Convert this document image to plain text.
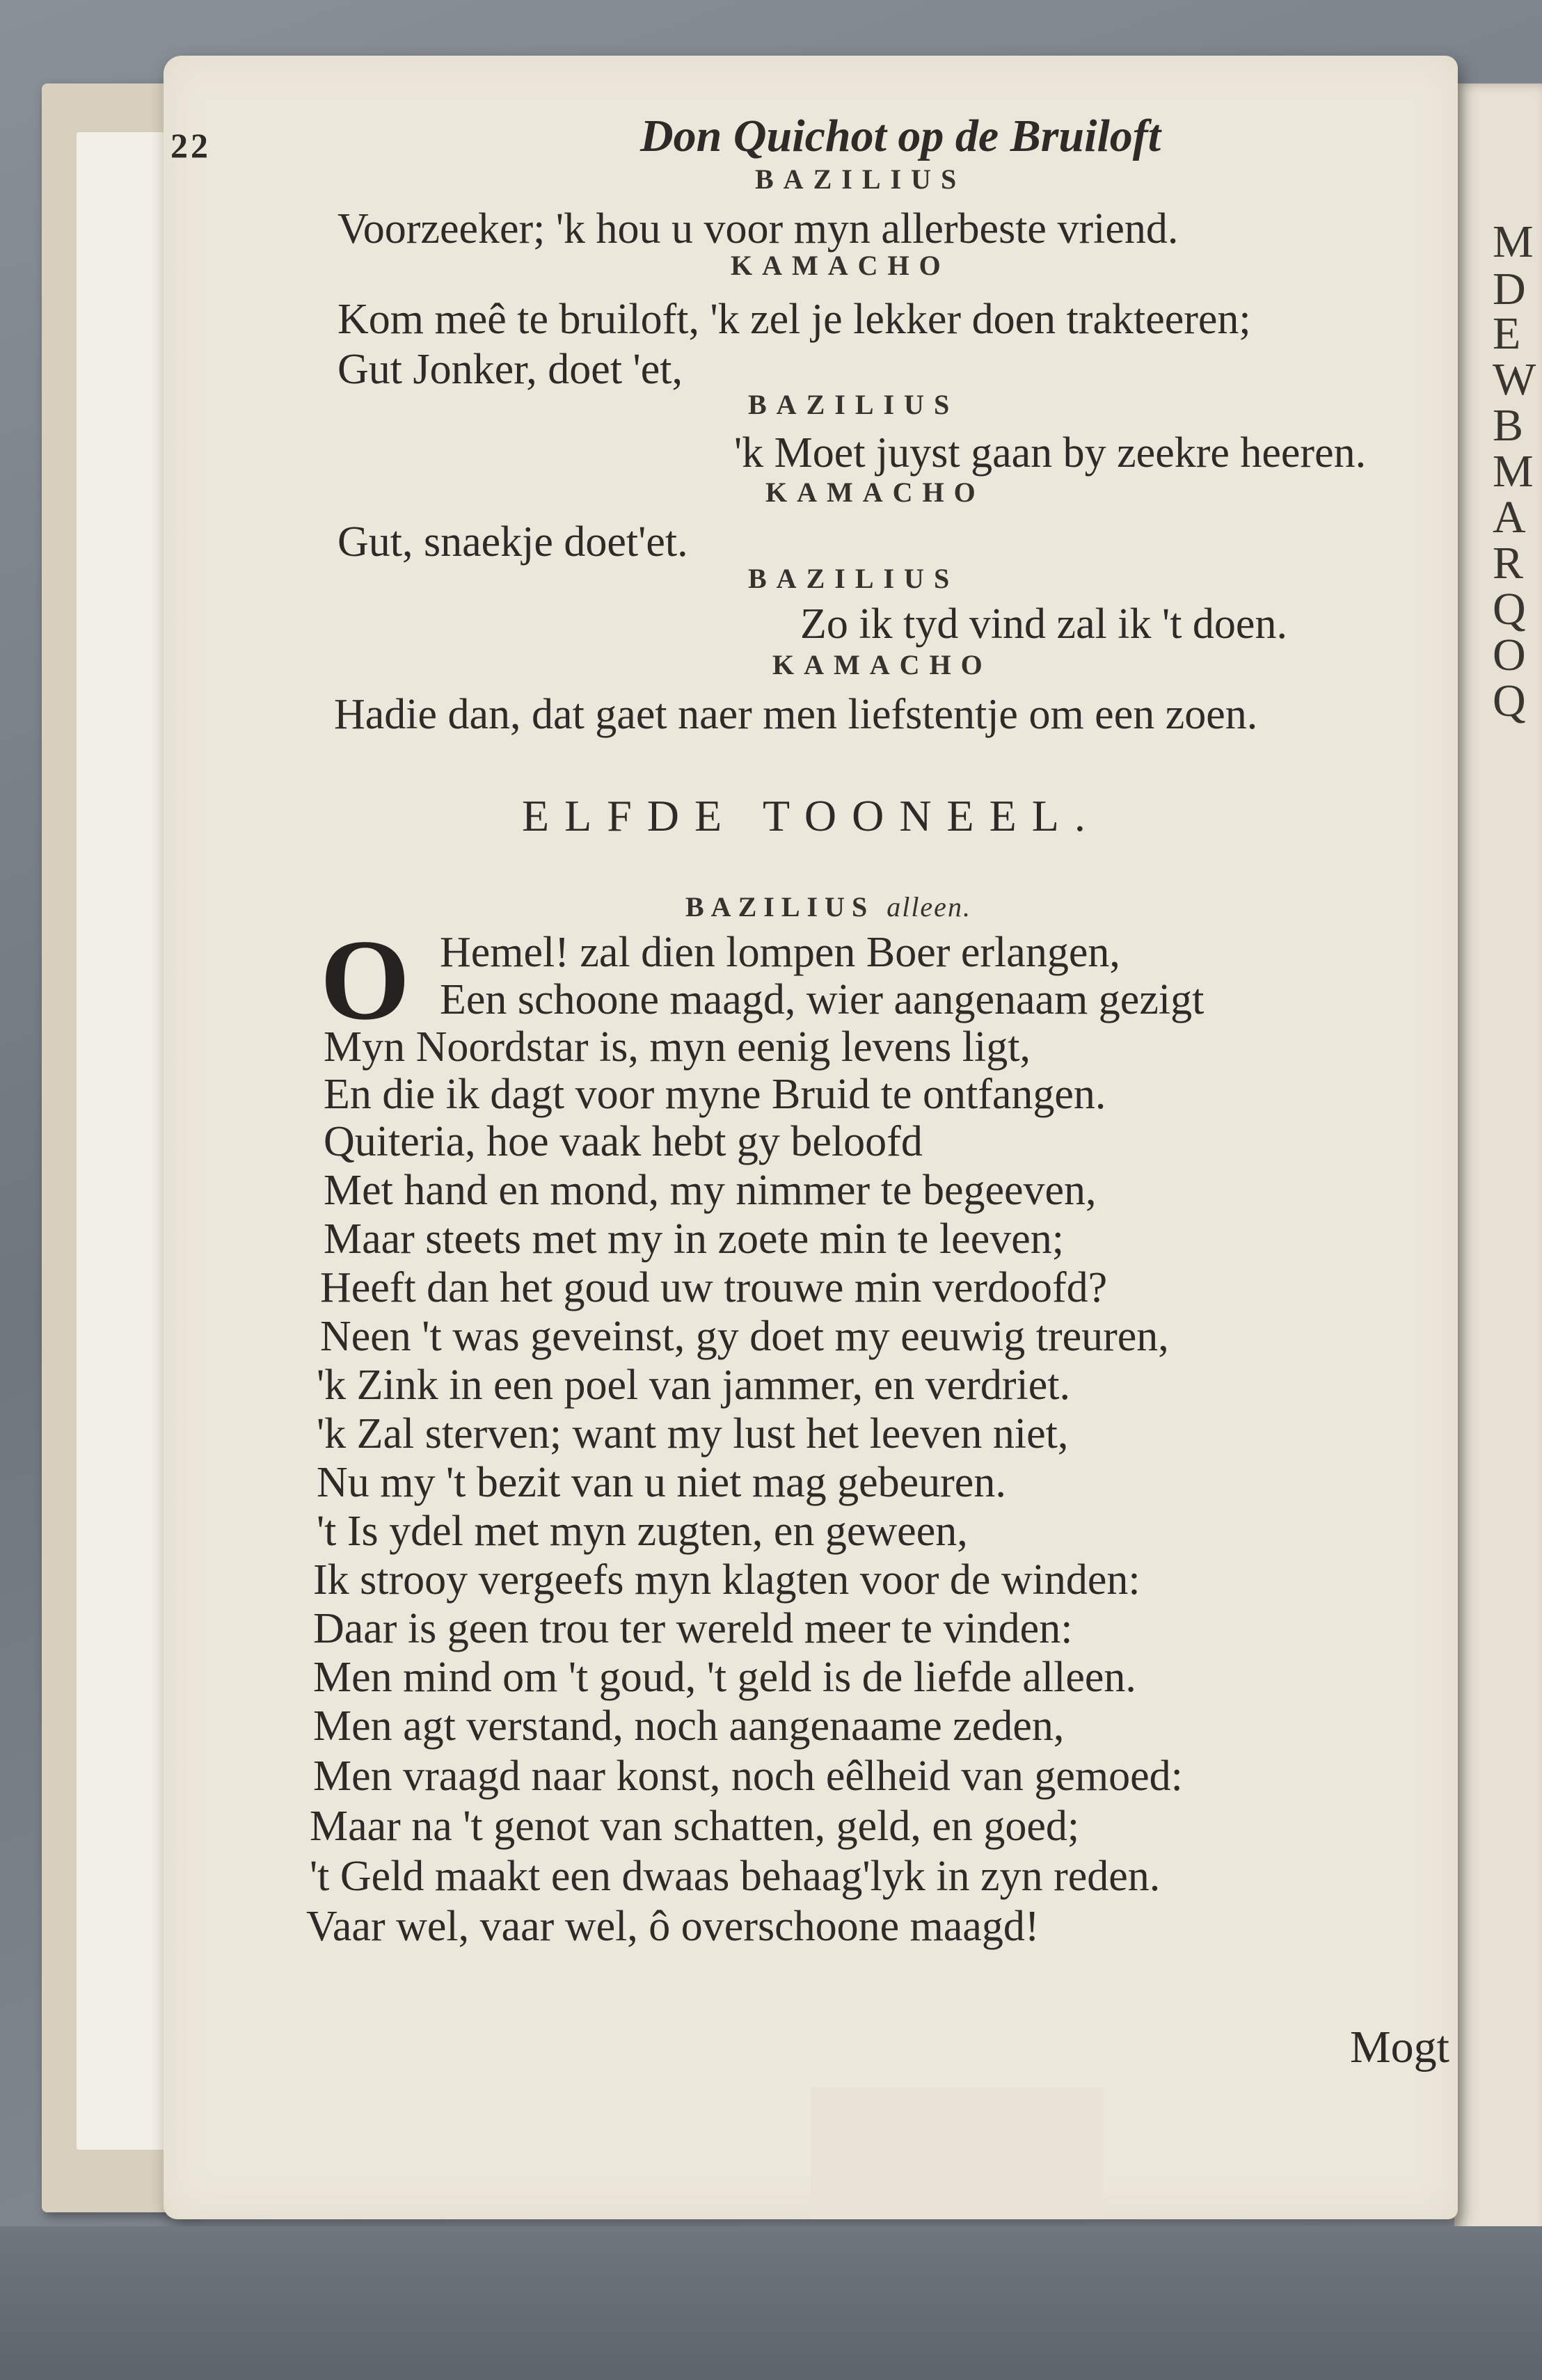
M
D
E
W
B
M
A
R
Q
O
Q
22	Don Quichot op de Bruiloft
BAZILIUS
Voorzeeker; 'k hou u voor myn allerbeste vriend.
KAMACHO
Kom meê te bruiloft, 'k zel je lekker doen trakteeren;
Gut Jonker, doet 'et,
BAZILIUS
'k Moet juyst gaan by zeekre heeren.
KAMACHO
Gut, snaekje doet'et.
BAZILIUS
Zo ik tyd vind zal ik 't doen.
KAMACHO
Hadie dan, dat gaet naer men liefstentje om een zoen.
ELFDE TOONEEL.
BAZILIUS alleen.
O Hemel! zal dien lompen Boer erlangen,
Een schoone maagd, wier aangenaam gezigt
Myn Noordstar is, myn eenig levens ligt,
En die ik dagt voor myne Bruid te ontfangen.
Quiteria, hoe vaak hebt gy beloofd
Met hand en mond, my nimmer te begeeven,
Maar steets met my in zoete min te leeven;
Heeft dan het goud uw trouwe min verdoofd?
Neen 't was geveinst, gy doet my eeuwig treuren,
'k Zink in een poel van jammer, en verdriet.
'k Zal sterven; want my lust het leeven niet,
Nu my 't bezit van u niet mag gebeuren.
't Is ydel met myn zugten, en geween,
Ik strooy vergeefs myn klagten voor de winden:
Daar is geen trou ter wereld meer te vinden:
Men mind om 't goud, 't geld is de liefde alleen.
Men agt verstand, noch aangenaame zeden,
Men vraagd naar konst, noch eêlheid van gemoed:
Maar na 't genot van schatten, geld, en goed;
't Geld maakt een dwaas behaag'lyk in zyn reden.
Vaar wel, vaar wel, ô overschoone maagd!
Mogt
